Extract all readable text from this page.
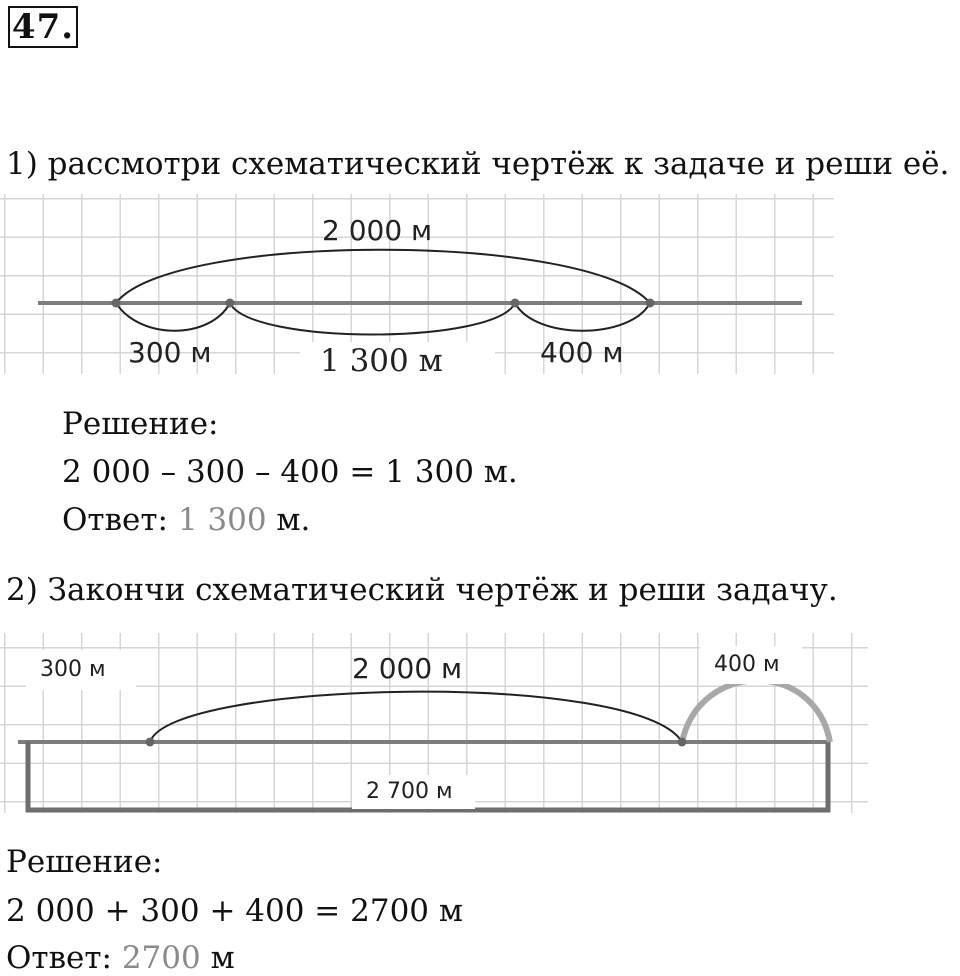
47.
1) рассмотри схематический чертёж к задаче и реши её.
2 000 м
300 м	1 300 м	400 м
Решение:
2 000 – 300 – 400 = 1 300 м.
Ответ: 1 300 м.
2) Закончи схематический чертёж и реши задачу.
300 м	2 000 м	400 м
2 700 м
Решение:
2 000 + 300 + 400 = 2700 м
Ответ: 2700 м
